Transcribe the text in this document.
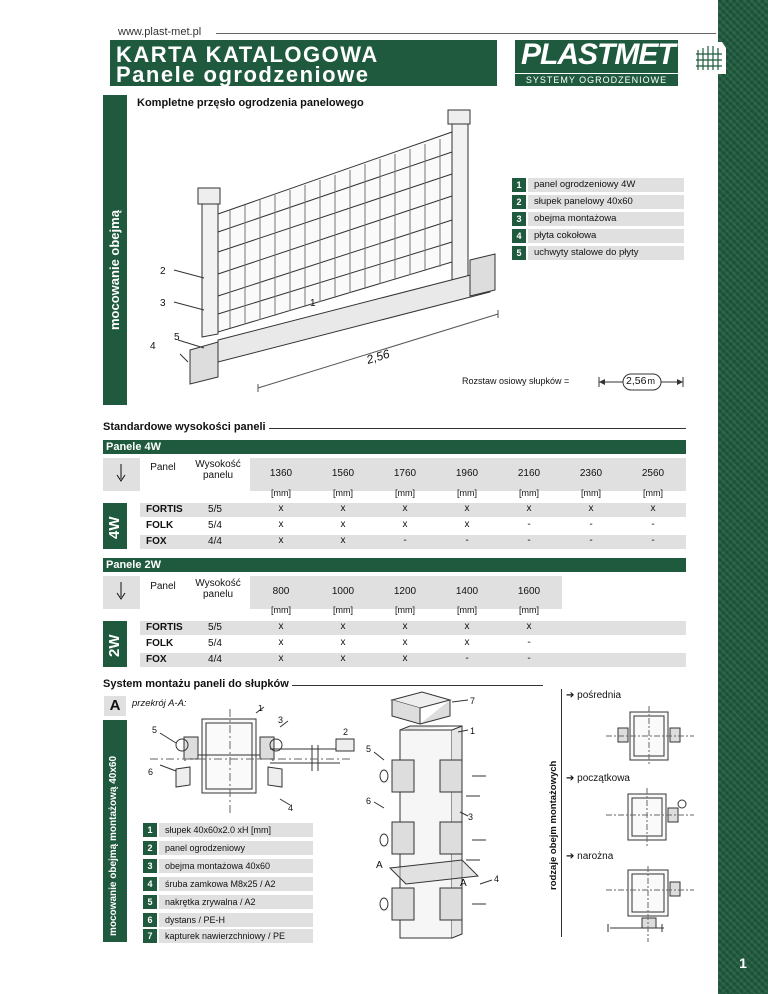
1
www.plast-met.pl
KARTA KATALOGOWA
Panele ogrodzeniowe
PLASTMET
SYSTEMY OGRODZENIOWE
mocowanie obejmą
Kompletne przęsło ogrodzenia panelowego
2
3	1
4
5
2,56
1	panel ogrodzeniowy 4W
2	słupek panelowy 40x60
3	obejma montażowa
4	płyta cokołowa
5	uchwyty stalowe do płyty
Rozstaw osiowy słupków =	2,56m
Standardowe wysokości paneli
Panele 4W
Panel	Wysokość panelu	1360	1560	1760	1960	2160	2360	2560
[mm]	[mm]	[mm]	[mm]	[mm]	[mm]	[mm]
4W
FORTIS	5/5	x	x	x	x	x	x	x
FOLK	5/4	x	x	x	x	-	-	-
FOX	4/4	x	x	-	-	-	-	-
Panele 2W
Panel	Wysokość panelu	800	1000	1200	1400	1600
[mm]	[mm]	[mm]	[mm]	[mm]
2W
FORTIS	5/5	x	x	x	x	x
FOLK	5/4	x	x	x	x	-
FOX	4/4	x	x	x	-	-
System montażu paneli do słupków
A	przekrój A-A:
mocowanie obejmą montażową 40x60
1
2
3
4
5
6
1	słupek 40x60x2.0 xH [mm]
2	panel ogrodzeniowy
3	obejma montażowa 40x60
4	śruba zamkowa M8x25 / A2
5	nakrętka zrywalna / A2
6	dystans / PE-H
7	kapturek nawierzchniowy / PE
7
1
5
6
3
4
A
A	rodzaje obejm montażowych
➔ pośrednia
➔ początkowa
➔ narożna
